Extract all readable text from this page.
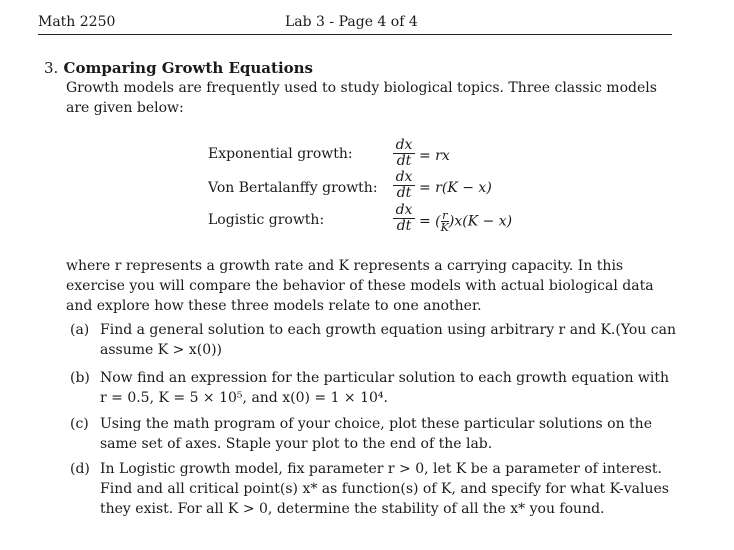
Math 2250	Lab 3 - Page 4 of 4
3. Comparing Growth Equations
Growth models are frequently used to study biological topics. Three classic models are given below:
Exponential growth:	$\frac{dx}{dt}$ = rx
Von Bertalanffy growth: $\frac{dx}{dt} = r(K - x)$
Logistic growth:	$\frac{dx}{dt}$ = ( $\frac{r}{K} )x(K - x)$
where r represents a growth rate and K represents a carrying capacity. In this exercise you will compare the behavior of these models with actual biological data and explore how these three models relate to one another.
(a) Find a general solution to each growth equation using arbitrary r and K.(You can assume K > x(0))
(b) Now find an expression for the particular solution to each growth equation with r = 0.5, K = 5 × 10⁵, and x(0) = 1 × 10⁴.
(c) Using the math program of your choice, plot these particular solutions on the same set of axes. Staple your plot to the end of the lab.
(d) In Logistic growth model, fix parameter r > 0, let K be a parameter of interest. Find and all critical point(s) x* as function(s) of K, and specify for what K-values they exist. For all K > 0, determine the stability of all the x* you found.
